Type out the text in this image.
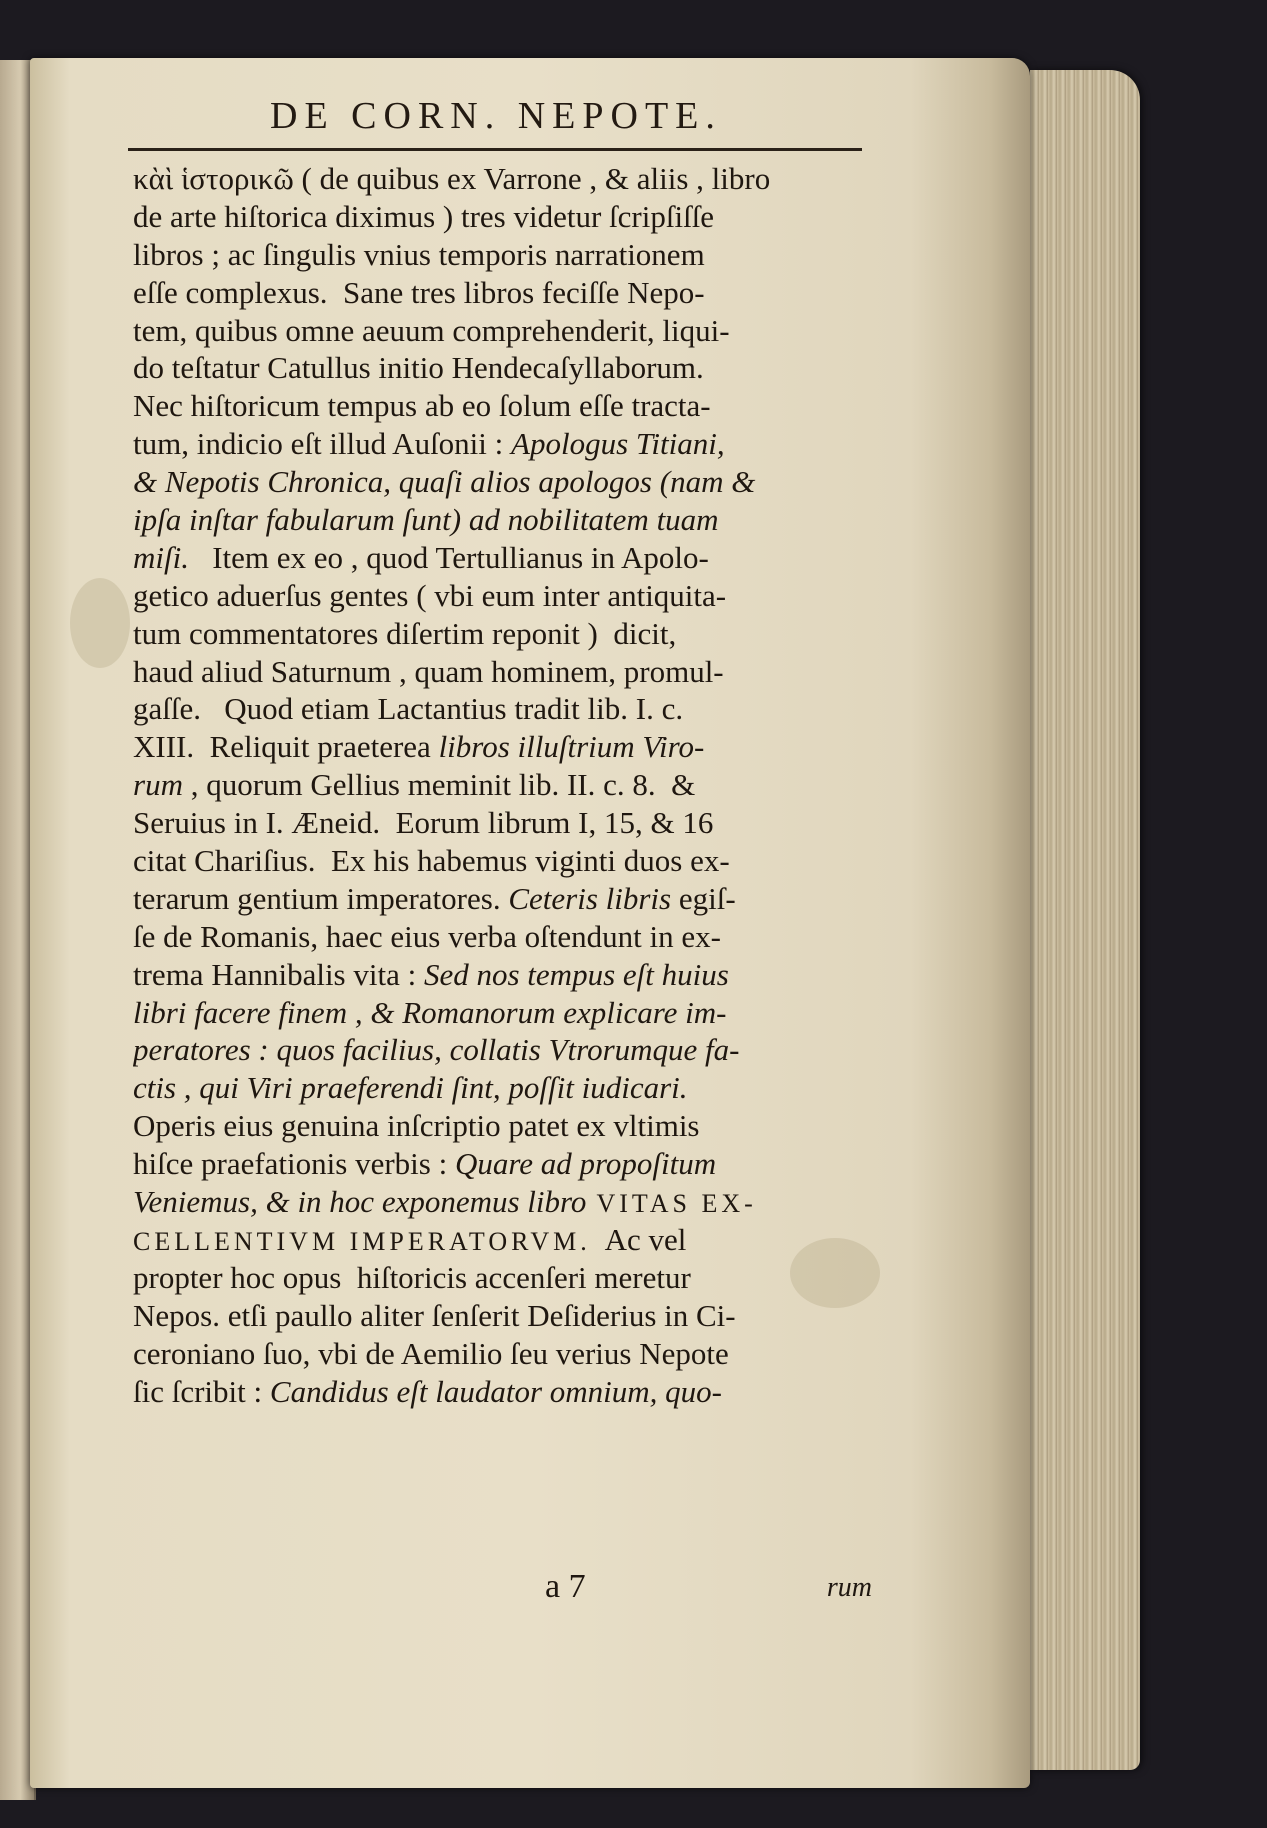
DE CORN. NEPOTE.
κὰὶ ἱστορικῶ ( de quibus ex Varrone , & aliis , libro
de arte hiſtorica diximus ) tres videtur ſcripſiſſe
libros ; ac ſingulis vnius temporis narrationem
eſſe complexus.  Sane tres libros feciſſe Nepo-
tem, quibus omne aeuum comprehenderit, liqui-
do teſtatur Catullus initio Hendecaſyllaborum.
Nec hiſtoricum tempus ab eo ſolum eſſe tracta-
tum, indicio eſt illud Auſonii : Apologus Titiani,
& Nepotis Chronica, quaſi alios apologos (nam &
ipſa inſtar fabularum ſunt) ad nobilitatem tuam
miſi. Item ex eo , quod Tertullianus in Apolo-
getico aduerſus gentes ( vbi eum inter antiquita-
tum commentatores diſertim reponit )  dicit,
haud aliud Saturnum , quam hominem, promul-
gaſſe.   Quod etiam Lactantius tradit lib. I. c.
XIII.  Reliquit praeterea libros illuſtrium Viro-
rum , quorum Gellius meminit lib. II. c. 8.  &
Seruius in I. Æneid.  Eorum librum I, 15, & 16
citat Chariſius.  Ex his habemus viginti duos ex-
terarum gentium imperatores. Ceteris libris egiſ-
ſe de Romanis, haec eius verba oſtendunt in ex-
trema Hannibalis vita : Sed nos tempus eſt huius
libri facere finem , & Romanorum explicare im-
peratores : quos facilius, collatis Vtrorumque fa-
ctis , qui Viri praeferendi ſint, poſſit iudicari.
Operis eius genuina inſcriptio patet ex vltimis
hiſce praefationis verbis : Quare ad propoſitum
Veniemus, & in hoc exponemus libro VITAS EX-
CELLENTIVM IMPERATORVM. Ac vel
propter hoc opus  hiſtoricis accenſeri meretur
Nepos. etſi paullo aliter ſenſerit Deſiderius in Ci-
ceroniano ſuo, vbi de Aemilio ſeu verius Nepote
ſic ſcribit : Candidus eſt laudator omnium, quo-
a 7	rum
